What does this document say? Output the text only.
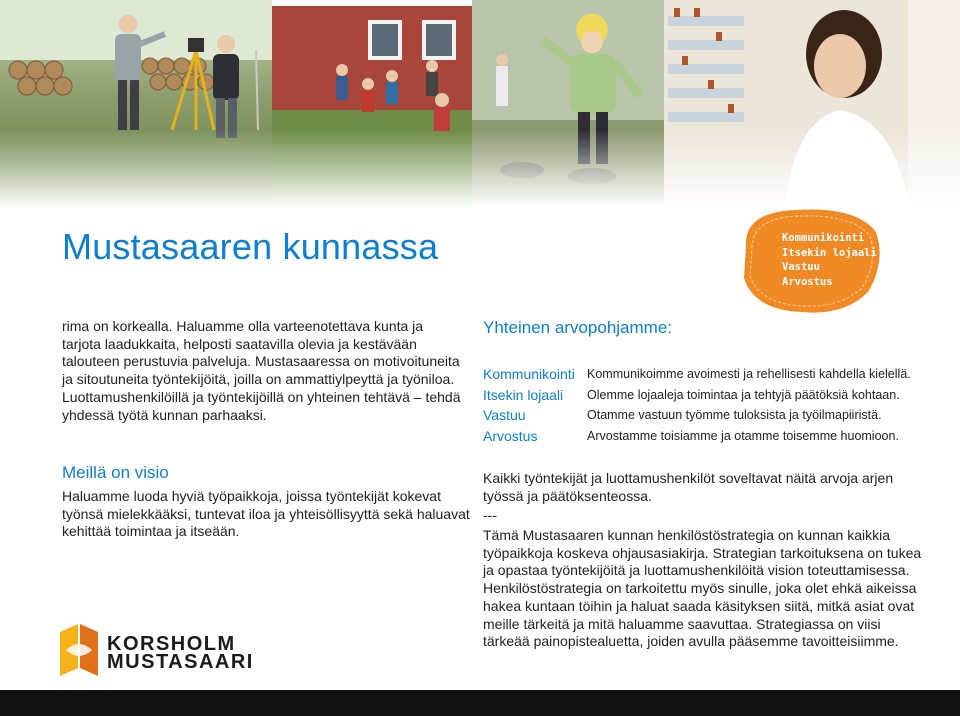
Mustasaaren kunnassa	Kommunikointi
Itsekin lojaali
Vastuu
Arvostus

rima on korkealla. Haluamme olla varteenotettava kunta ja tarjota laadukkaita, helposti saatavilla olevia ja kestävään talouteen perustuvia palveluja. Mustasaaressa on motivoituneita ja sitoutuneita työntekijöitä, joilla on ammattiylpeyttä ja työniloa. Luottamushenkilöillä ja työntekijöillä on yhteinen tehtävä – tehdä yhdessä työtä kunnan parhaaksi.

Meillä on visio

Haluamme luoda hyviä työpaikkoja, joissa työntekijät kokevat työnsä mielekkääksi, tuntevat iloa ja yhteisöllisyyttä sekä haluavat kehittää toimintaa ja itseään.

KORSHOLM
MUSTASAARI
Yhteinen arvopohjamme:
Kommunikointi	Kommunikoimme avoimesti ja rehellisesti kahdella kielellä.
Itsekin lojaali	Olemme lojaaleja toimintaa ja tehtyjä päätöksiä kohtaan.
Vastuu	Otamme vastuun työmme tuloksista ja työilmapiiristä.
Arvostus	Arvostamme toisiamme ja otamme toisemme huomioon.

Kaikki työntekijät ja luottamushenkilöt soveltavat näitä arvoja arjen työssä ja päätöksenteossa.

---

Tämä Mustasaaren kunnan henkilöstöstrategia on kunnan kaikkia työpaikkoja koskeva ohjausasiakirja. Strategian tarkoituksena on tukea ja opastaa työntekijöitä ja luottamushenkilöitä vision toteuttamisessa. Henkilöstöstrategia on tarkoitettu myös sinulle, joka olet ehkä aikeissa hakea kuntaan töihin ja haluat saada käsityksen siitä, mitkä asiat ovat meille tärkeitä ja mitä haluamme saavuttaa. Strategiassa on viisi tärkeää painopistealuetta, joiden avulla pääsemme tavoitteisiimme.
